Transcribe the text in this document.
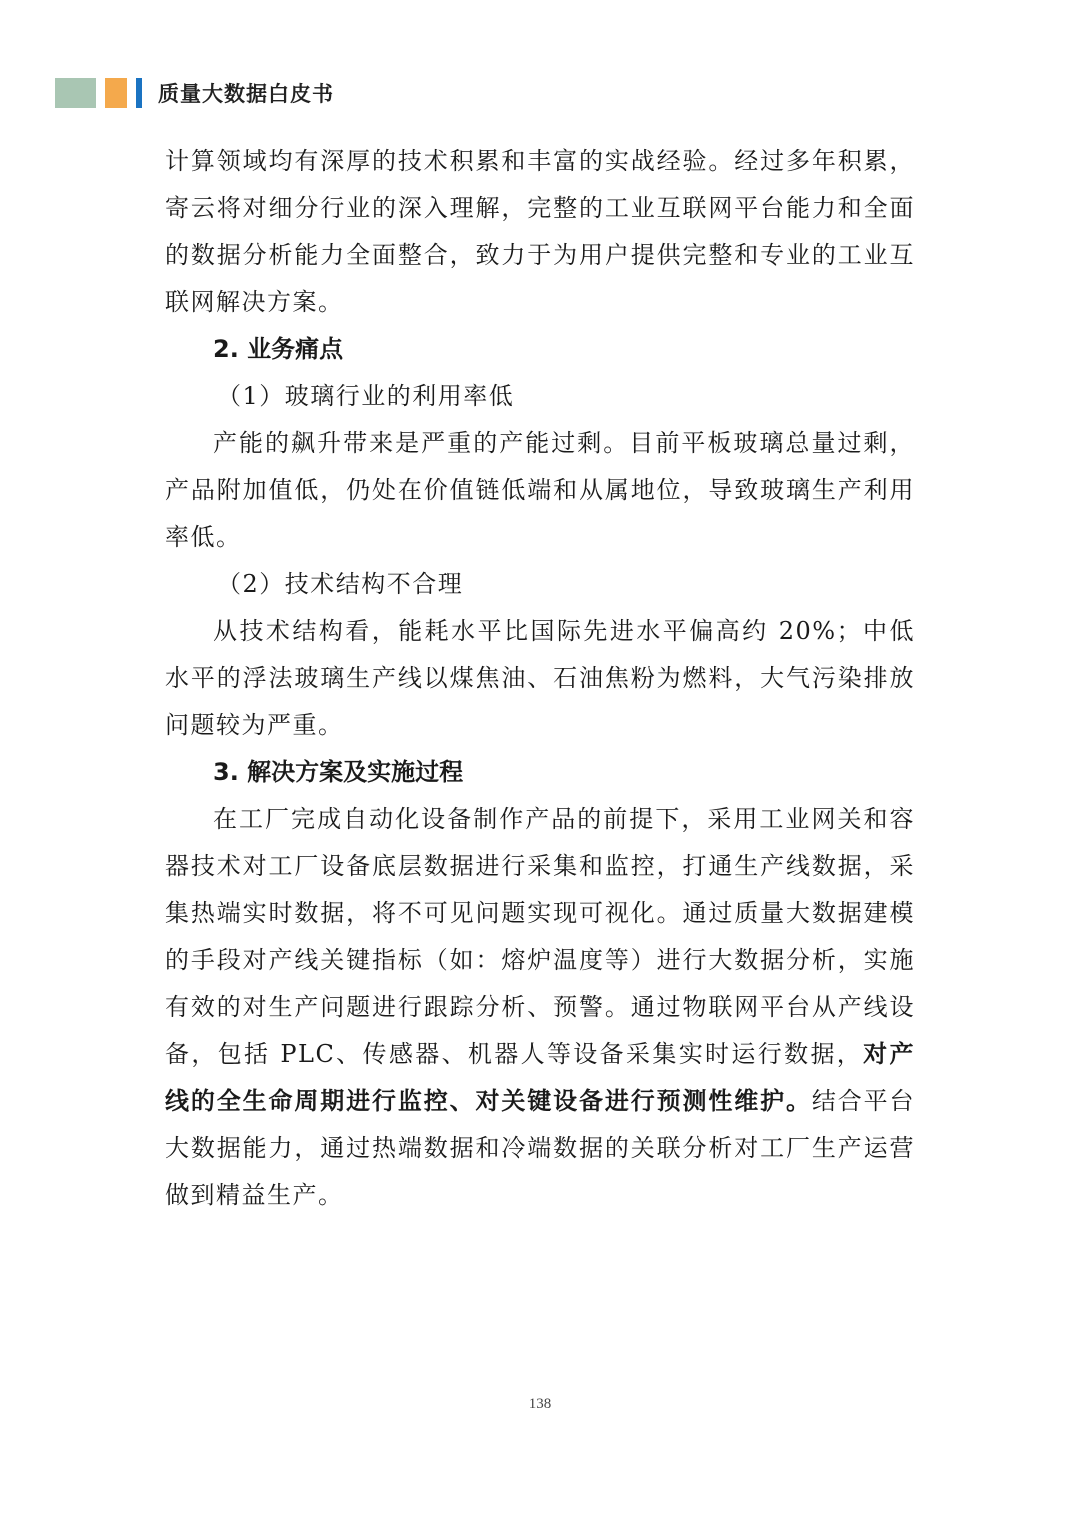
质量大数据白皮书

计算领域均有深厚的技术积累和丰富的实战经验。经过多年积累，寄云将对细分行业的深入理解，完整的工业互联网平台能力和全面的数据分析能力全面整合，致力于为用户提供完整和专业的工业互联网解决方案。

2. 业务痛点

（1）玻璃行业的利用率低

产能的飙升带来是严重的产能过剩。目前平板玻璃总量过剩，产品附加值低，仍处在价值链低端和从属地位，导致玻璃生产利用率低。

（2）技术结构不合理

从技术结构看，能耗水平比国际先进水平偏高约 20%；中低水平的浮法玻璃生产线以煤焦油、石油焦粉为燃料，大气污染排放问题较为严重。

3. 解决方案及实施过程

在工厂完成自动化设备制作产品的前提下，采用工业网关和容器技术对工厂设备底层数据进行采集和监控，打通生产线数据，采集热端实时数据，将不可见问题实现可视化。通过质量大数据建模的手段对产线关键指标（如：熔炉温度等）进行大数据分析，实施有效的对生产问题进行跟踪分析、预警。通过物联网平台从产线设备，包括 PLC、传感器、机器人等设备采集实时运行数据，对产线的全生命周期进行监控、对关键设备进行预测性维护。结合平台大数据能力，通过热端数据和冷端数据的关联分析对工厂生产运营做到精益生产。

138
